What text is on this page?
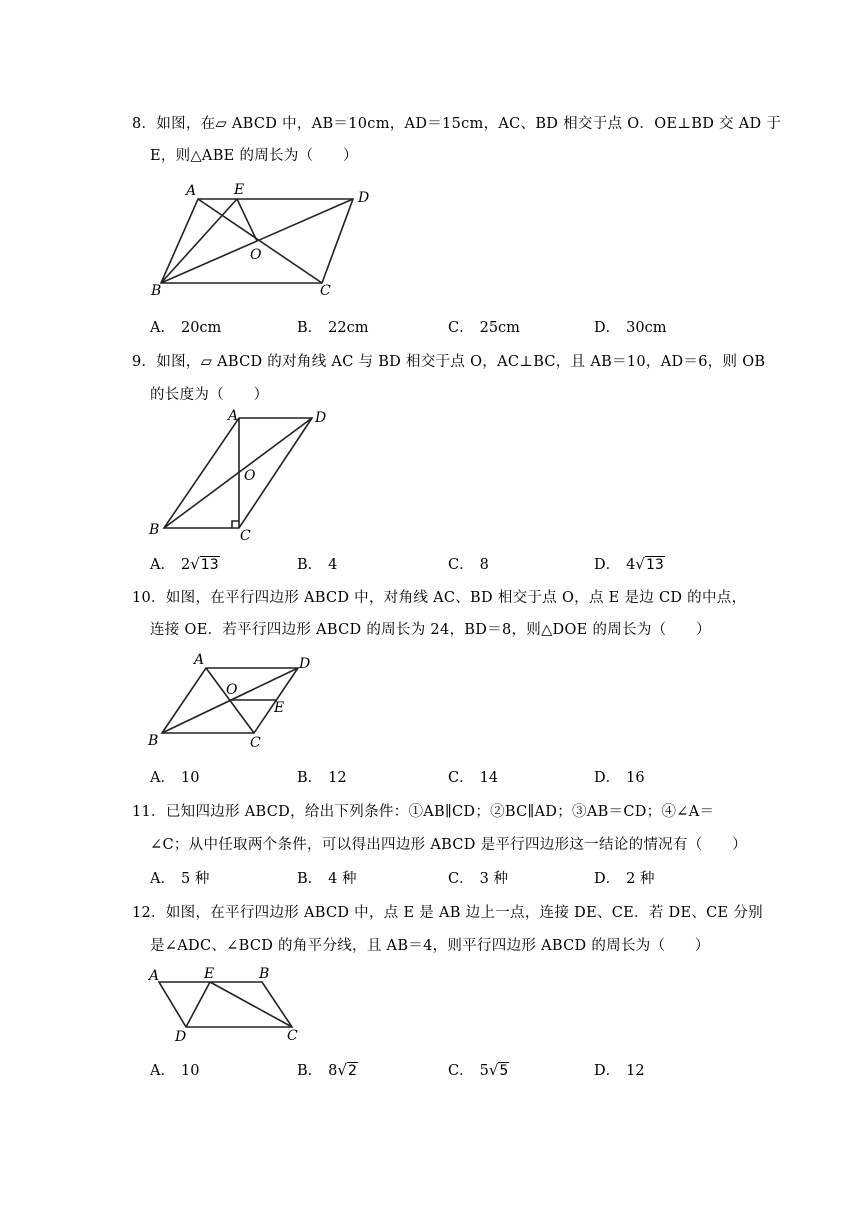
8．如图，在▱ ABCD 中，AB＝10cm，AD＝15cm，AC、BD 相交于点 O．OE⊥BD 交 AD 于
E，则△ABE 的周长为（　　）
A	E	D
O
B	C
A． 20cm	B． 22cm	C． 25cm	D． 30cm
9．如图，▱ ABCD 的对角线 AC 与 BD 相交于点 O，AC⊥BC，且 AB＝10，AD＝6，则 OB
的长度为（　　）
A	D
O
B	C
A． 2√13	B． 4	C． 8	D． 4√13
10．如图，在平行四边形 ABCD 中，对角线 AC、BD 相交于点 O，点 E 是边 CD 的中点，
连接 OE．若平行四边形 ABCD 的周长为 24，BD＝8，则△DOE 的周长为（　　）
A	D
O
E
B	C
A． 10	B． 12	C． 14	D． 16
11．已知四边形 ABCD，给出下列条件：①AB∥CD；②BC∥AD；③AB＝CD；④∠A＝
∠C；从中任取两个条件，可以得出四边形 ABCD 是平行四边形这一结论的情况有（　　）
A． 5 种	B． 4 种	C． 3 种	D． 2 种
12．如图，在平行四边形 ABCD 中，点 E 是 AB 边上一点，连接 DE、CE．若 DE、CE 分别
是∠ADC、∠BCD 的角平分线，且 AB＝4，则平行四边形 ABCD 的周长为（　　）
A	E	B
D	C
A． 10	B． 8√2	C． 5√5	D． 12
